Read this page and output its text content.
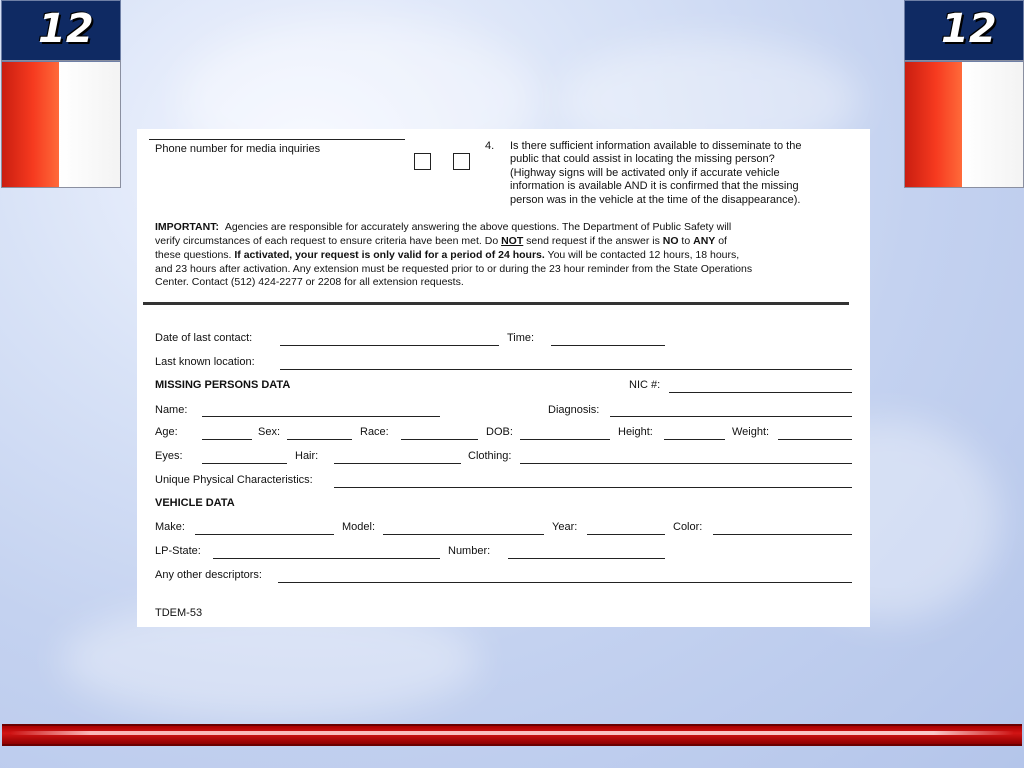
12	12
Phone number for media inquiries	4. Is there sufficient information available to disseminate to the
public that could assist in locating the missing person?
(Highway signs will be activated only if accurate vehicle
information is available AND it is confirmed that the missing
person was in the vehicle at the time of the disappearance).
IMPORTANT: Agencies are responsible for accurately answering the above questions. The Department of Public Safety will
verify circumstances of each request to ensure criteria have been met. Do NOT send request if the answer is NO to ANY of
these questions. If activated, your request is only valid for a period of 24 hours. You will be contacted 12 hours, 18 hours,
and 23 hours after activation. Any extension must be requested prior to or during the 23 hour reminder from the State Operations
Center. Contact (512) 424-2277 or 2208 for all extension requests.
Date of last contact:	Time:
Last known location:
MISSING PERSONS DATA	NIC #:
Name:	Diagnosis:
Age:	Sex:	Race:	DOB:	Height:	Weight:
Eyes:	Hair:	Clothing:
Unique Physical Characteristics:
VEHICLE DATA
Make:	Model:	Year:	Color:
LP-State:	Number:
Any other descriptors:
TDEM-53
